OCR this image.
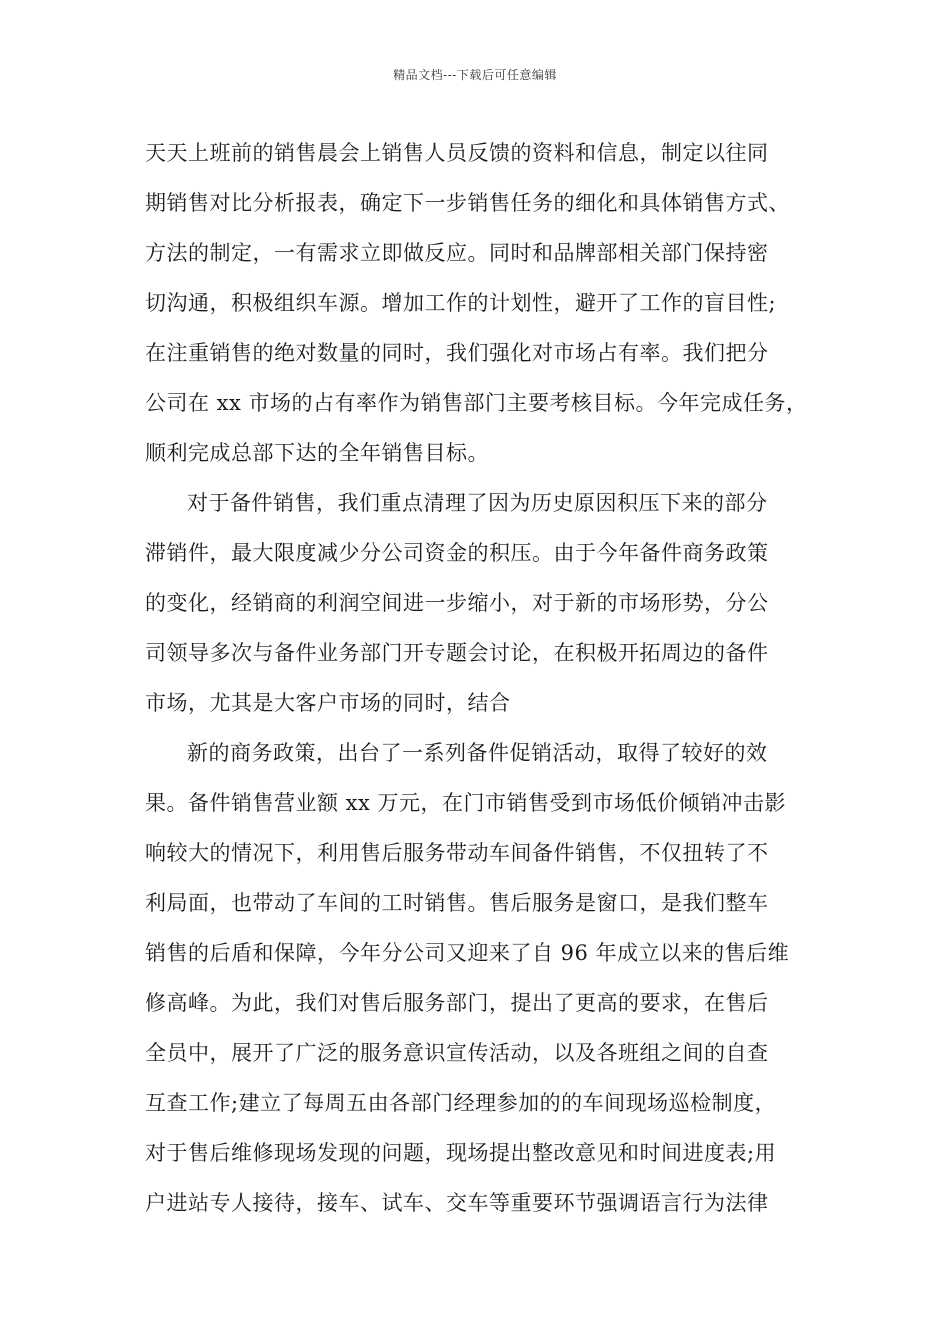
精品文档---下载后可任意编辑
天天上班前的销售晨会上销售人员反馈的资料和信息，制定以往同
期销售对比分析报表，确定下一步销售任务的细化和具体销售方式、
方法的制定，一有需求立即做反应。同时和品牌部相关部门保持密
切沟通，积极组织车源。增加工作的计划性，避开了工作的盲目性;
在注重销售的绝对数量的同时，我们强化对市场占有率。我们把分
公司在 xx 市场的占有率作为销售部门主要考核目标。今年完成任务，
顺利完成总部下达的全年销售目标。
对于备件销售，我们重点清理了因为历史原因积压下来的部分
滞销件，最大限度减少分公司资金的积压。由于今年备件商务政策
的变化，经销商的利润空间进一步缩小，对于新的市场形势，分公
司领导多次与备件业务部门开专题会讨论，在积极开拓周边的备件
市场，尤其是大客户市场的同时，结合
新的商务政策，出台了一系列备件促销活动，取得了较好的效
果。备件销售营业额 xx 万元，在门市销售受到市场低价倾销冲击影
响较大的情况下，利用售后服务带动车间备件销售，不仅扭转了不
利局面，也带动了车间的工时销售。售后服务是窗口，是我们整车
销售的后盾和保障，今年分公司又迎来了自 96 年成立以来的售后维
修高峰。为此，我们对售后服务部门，提出了更高的要求，在售后
全员中，展开了广泛的服务意识宣传活动，以及各班组之间的自查
互查工作;建立了每周五由各部门经理参加的的车间现场巡检制度，
对于售后维修现场发现的问题，现场提出整改意见和时间进度表;用
户进站专人接待，接车、试车、交车等重要环节强调语言行为法律
